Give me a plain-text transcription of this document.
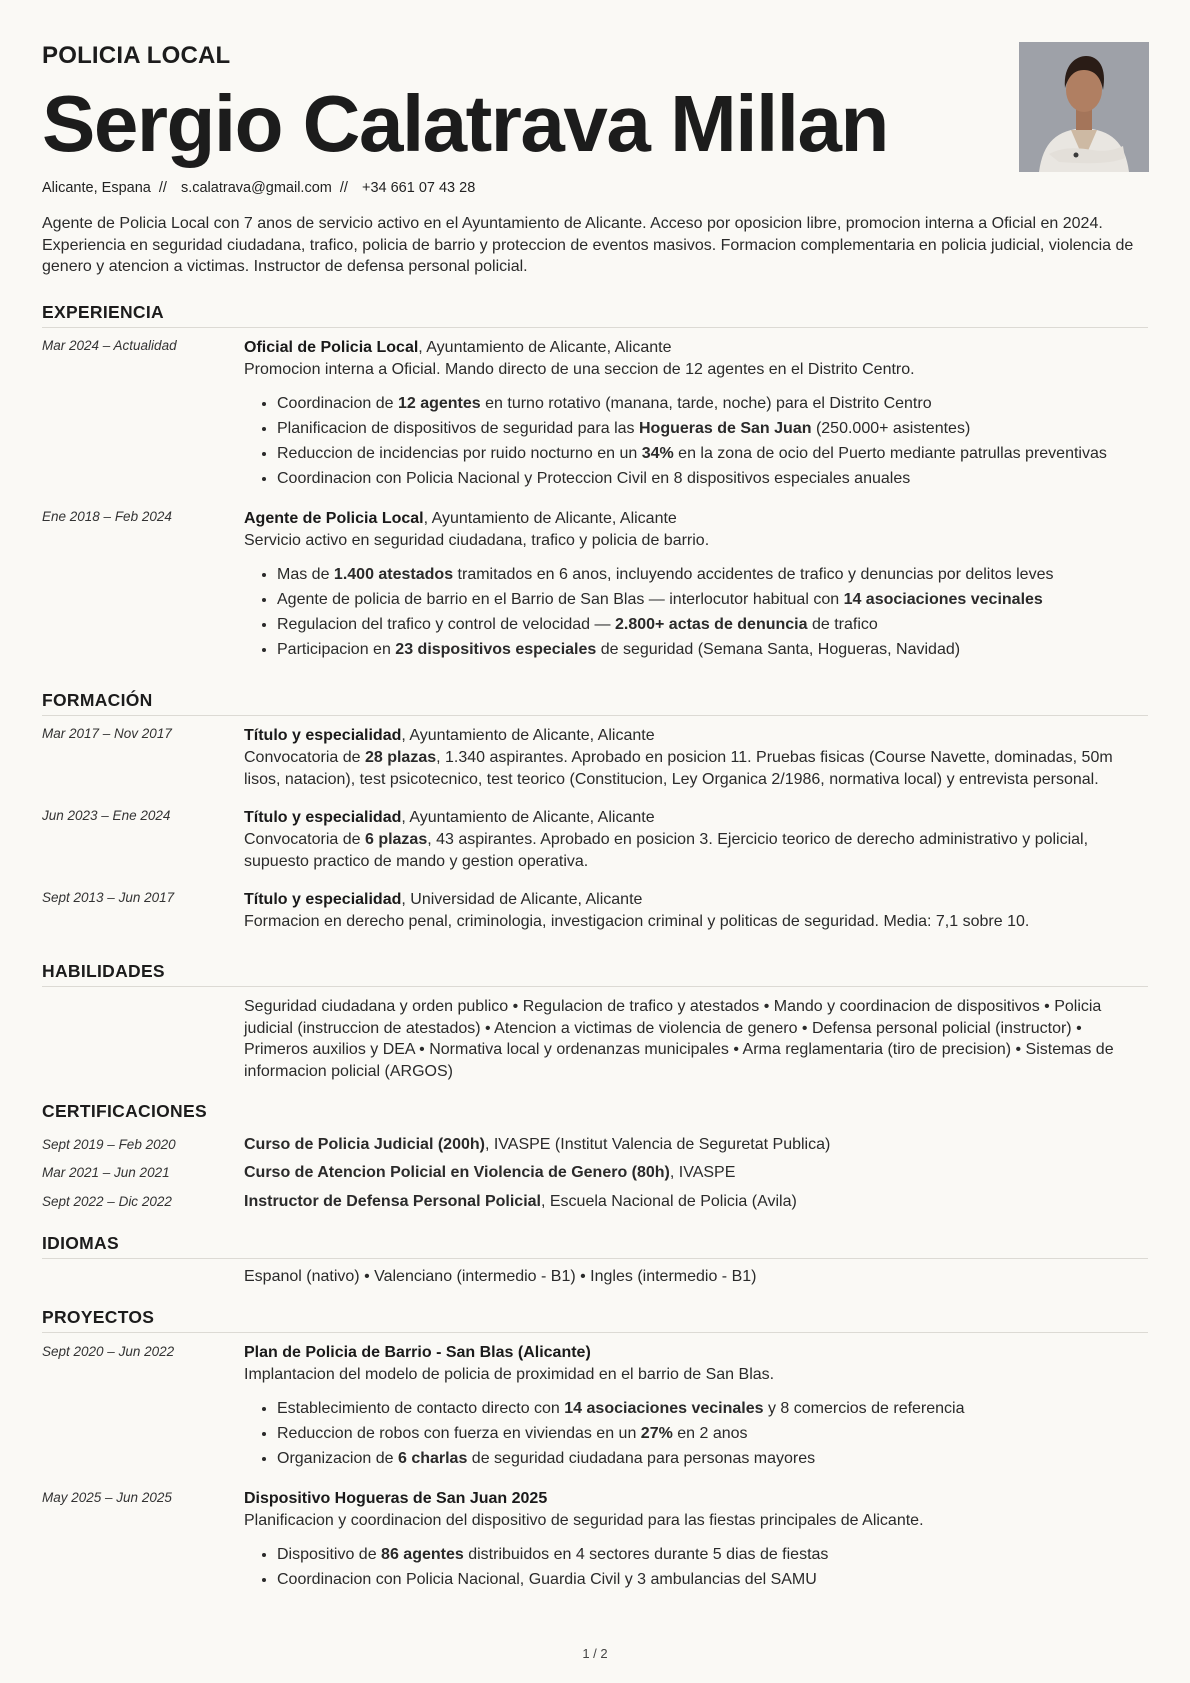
POLICIA LOCAL
Sergio Calatrava Millan
Alicante, Espana // s.calatrava@gmail.com // +34 661 07 43 28
Agente de Policia Local con 7 anos de servicio activo en el Ayuntamiento de Alicante. Acceso por oposicion libre, promocion interna a Oficial en 2024. Experiencia en seguridad ciudadana, trafico, policia de barrio y proteccion de eventos masivos. Formacion complementaria en policia judicial, violencia de genero y atencion a victimas. Instructor de defensa personal policial.
EXPERIENCIA
Mar 2024 – Actualidad	Oficial de Policia Local, Ayuntamiento de Alicante, Alicante

Promocion interna a Oficial. Mando directo de una seccion de 12 agentes en el Distrito Centro.

• Coordinacion de 12 agentes en turno rotativo (manana, tarde, noche) para el Distrito Centro
• Planificacion de dispositivos de seguridad para las Hogueras de San Juan (250.000+ asistentes)
• Reduccion de incidencias por ruido nocturno en un 34% en la zona de ocio del Puerto mediante patrullas preventivas
• Coordinacion con Policia Nacional y Proteccion Civil en 8 dispositivos especiales anuales
Ene 2018 – Feb 2024	Agente de Policia Local, Ayuntamiento de Alicante, Alicante

Servicio activo en seguridad ciudadana, trafico y policia de barrio.

• Mas de 1.400 atestados tramitados en 6 anos, incluyendo accidentes de trafico y denuncias por delitos leves
• Agente de policia de barrio en el Barrio de San Blas — interlocutor habitual con 14 asociaciones vecinales
• Regulacion del trafico y control de velocidad — 2.800+ actas de denuncia de trafico
• Participacion en 23 dispositivos especiales de seguridad (Semana Santa, Hogueras, Navidad)
FORMACIÓN
Mar 2017 – Nov 2017	Título y especialidad, Ayuntamiento de Alicante, Alicante

Convocatoria de 28 plazas, 1.340 aspirantes. Aprobado en posicion 11. Pruebas fisicas (Course Navette, dominadas, 50m lisos, natacion), test psicotecnico, test teorico (Constitucion, Ley Organica 2/1986, normativa local) y entrevista personal.

Jun 2023 – Ene 2024	Título y especialidad, Ayuntamiento de Alicante, Alicante

Convocatoria de 6 plazas, 43 aspirantes. Aprobado en posicion 3. Ejercicio teorico de derecho administrativo y policial, supuesto practico de mando y gestion operativa.

Sept 2013 – Jun 2017	Título y especialidad, Universidad de Alicante, Alicante

Formacion en derecho penal, criminologia, investigacion criminal y politicas de seguridad. Media: 7,1 sobre 10.

HABILIDADES
Seguridad ciudadana y orden publico • Regulacion de trafico y atestados • Mando y coordinacion de dispositivos • Policia judicial (instruccion de atestados) • Atencion a victimas de violencia de genero • Defensa personal policial (instructor) • Primeros auxilios y DEA • Normativa local y ordenanzas municipales • Arma reglamentaria (tiro de precision) • Sistemas de informacion policial (ARGOS)
CERTIFICACIONES
Sept 2019 – Feb 2020	Curso de Policia Judicial (200h), IVASPE (Institut Valencia de Seguretat Publica)
Mar 2021 – Jun 2021	Curso de Atencion Policial en Violencia de Genero (80h), IVASPE
Sept 2022 – Dic 2022	Instructor de Defensa Personal Policial, Escuela Nacional de Policia (Avila)
IDIOMAS
Espanol (nativo) • Valenciano (intermedio - B1) • Ingles (intermedio - B1)
PROYECTOS
Sept 2020 – Jun 2022	Plan de Policia de Barrio - San Blas (Alicante)

Implantacion del modelo de policia de proximidad en el barrio de San Blas.

• Establecimiento de contacto directo con 14 asociaciones vecinales y 8 comercios de referencia
• Reduccion de robos con fuerza en viviendas en un 27% en 2 anos
• Organizacion de 6 charlas de seguridad ciudadana para personas mayores
May 2025 – Jun 2025	Dispositivo Hogueras de San Juan 2025

Planificacion y coordinacion del dispositivo de seguridad para las fiestas principales de Alicante.

• Dispositivo de 86 agentes distribuidos en 4 sectores durante 5 dias de fiestas
• Coordinacion con Policia Nacional, Guardia Civil y 3 ambulancias del SAMU
1 / 2
